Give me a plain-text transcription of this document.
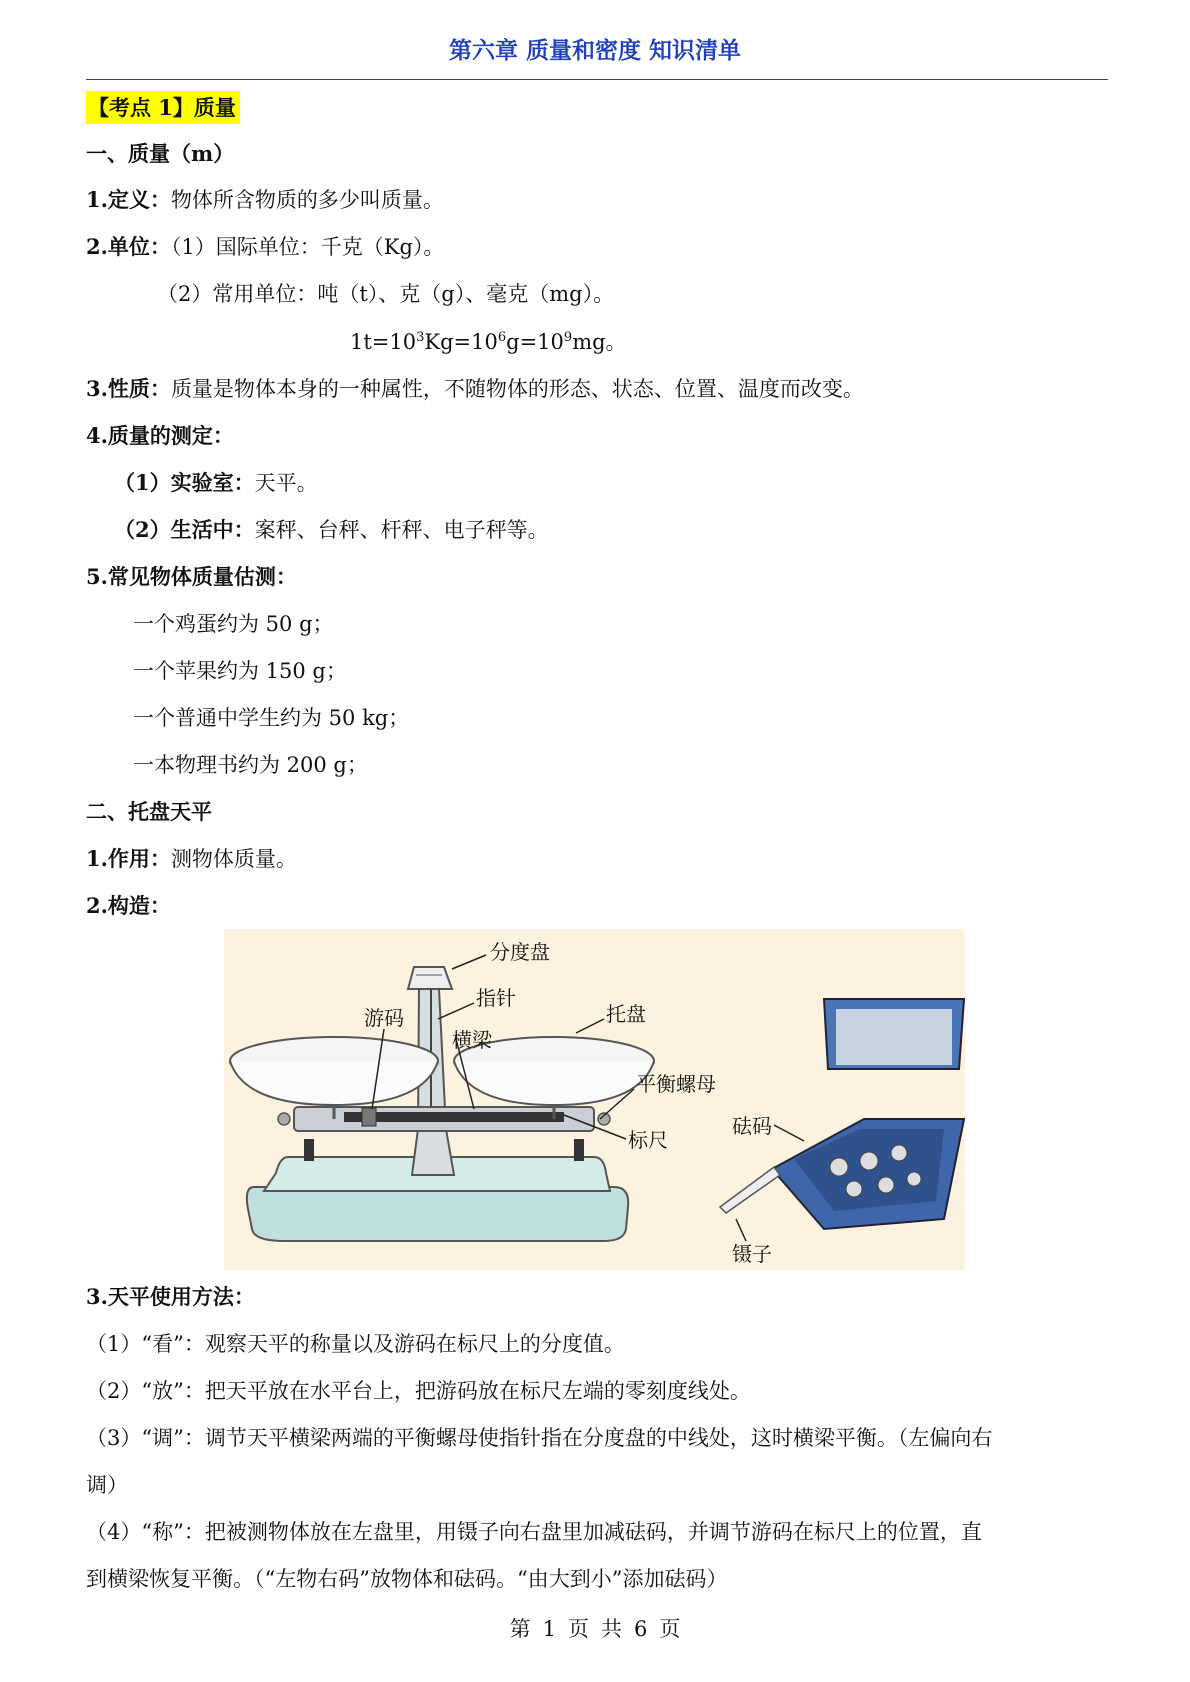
第六章 质量和密度 知识清单
【考点 1】质量
一、质量（m）
1.定义：物体所含物质的多少叫质量。
2.单位：（1）国际单位：千克（Kg）。
（2）常用单位：吨（t）、克（g）、毫克（mg）。
$1t=10^3Kg=10^6g=10^9mg$。
3.性质：质量是物体本身的一种属性，不随物体的形态、状态、位置、温度而改变。
4.质量的测定：
（1）实验室：天平。
（2）生活中：案秤、台秤、杆秤、电子秤等。
5.常见物体质量估测：
一个鸡蛋约为 50 g；
一个苹果约为 150 g；
一个普通中学生约为 50 kg；
一本物理书约为 200 g；
二、托盘天平
1.作用：测物体质量。
2.构造：
分度盘
指针
游码
横梁
托盘
平衡螺母
标尺
砝码
镊子
3.天平使用方法：
（1）“看”：观察天平的称量以及游码在标尺上的分度值。
（2）“放”：把天平放在水平台上，把游码放在标尺左端的零刻度线处。
（3）“调”：调节天平横梁两端的平衡螺母使指针指在分度盘的中线处，这时横梁平衡。（左偏向右
调）
（4）“称”：把被测物体放在左盘里，用镊子向右盘里加减砝码，并调节游码在标尺上的位置，直
到横梁恢复平衡。（“左物右码”放物体和砝码。“由大到小”添加砝码）
第 1 页 共 6 页
